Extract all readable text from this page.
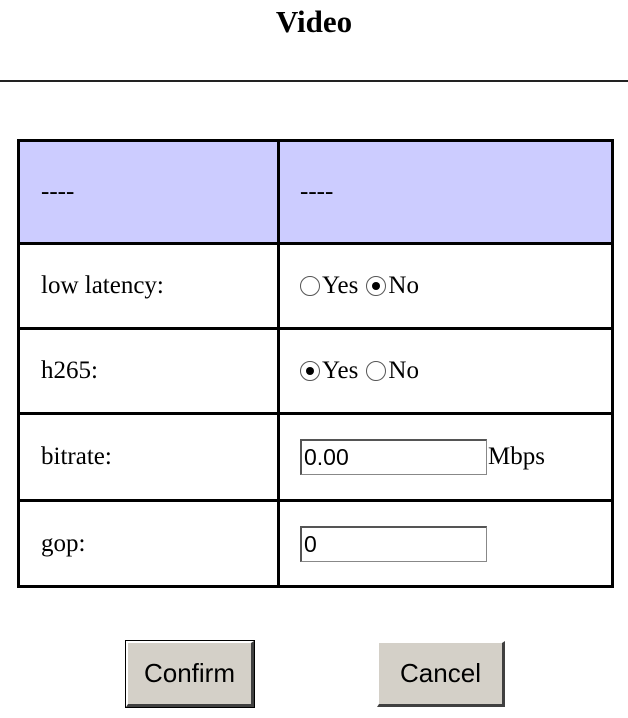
Video
----	----
low latency:	Yes No

h265:	Yes No

bitrate:	
0.00Mbps

gop:	
0
Confirm	Cancel
